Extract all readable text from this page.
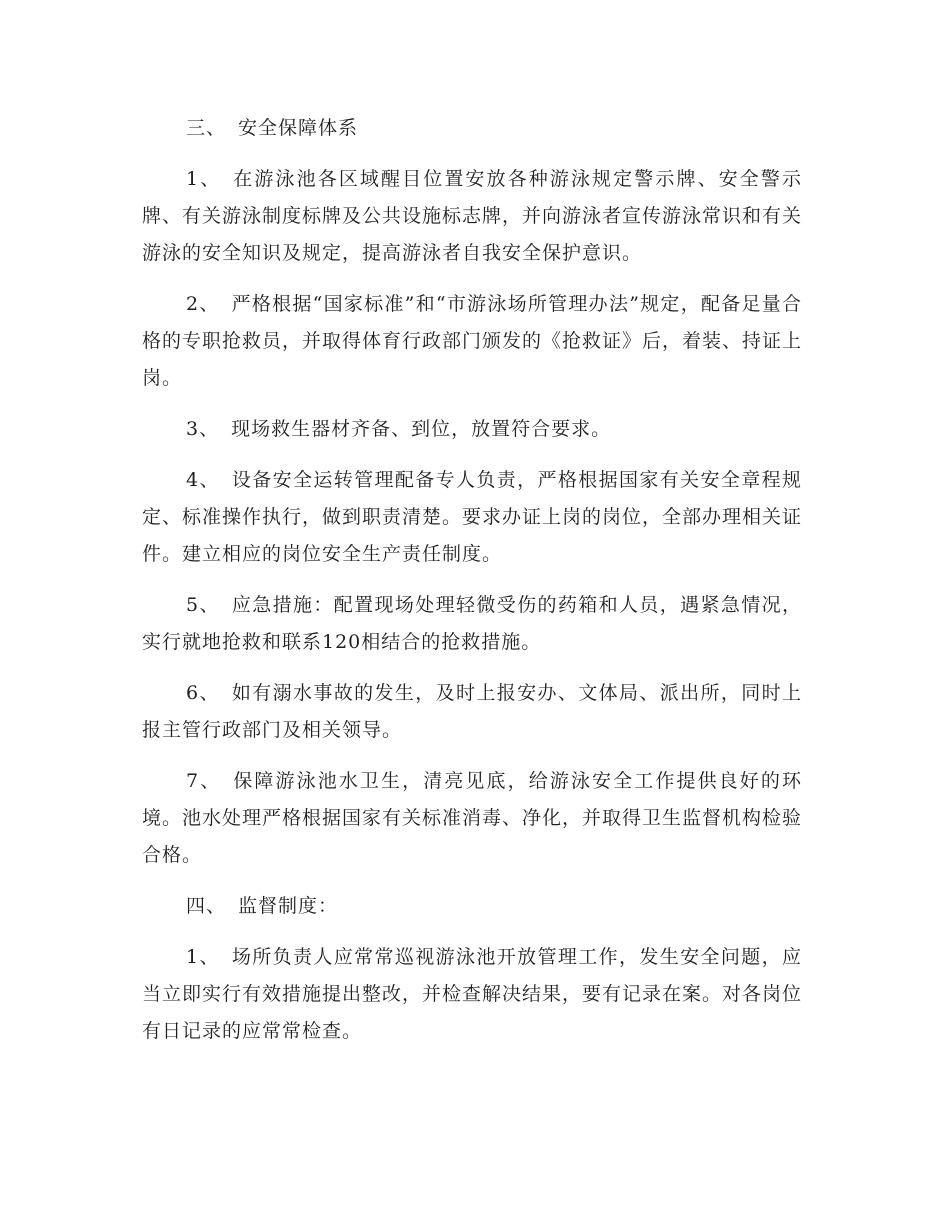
三、 安全保障体系

1、 在游泳池各区域醒目位置安放各种游泳规定警示牌、安全警示牌、有关游泳制度标牌及公共设施标志牌，并向游泳者宣传游泳常识和有关游泳的安全知识及规定，提高游泳者自我安全保护意识。

2、 严格根据“国家标准”和“市游泳场所管理办法”规定，配备足量合格的专职抢救员，并取得体育行政部门颁发的《抢救证》后，着装、持证上岗。

3、 现场救生器材齐备、到位，放置符合要求。

4、 设备安全运转管理配备专人负责，严格根据国家有关安全章程规定、标准操作执行，做到职责清楚。要求办证上岗的岗位，全部办理相关证件。建立相应的岗位安全生产责任制度。

5、 应急措施：配置现场处理轻微受伤的药箱和人员，遇紧急情况，实行就地抢救和联系120相结合的抢救措施。

6、 如有溺水事故的发生，及时上报安办、文体局、派出所，同时上报主管行政部门及相关领导。

7、 保障游泳池水卫生，清亮见底，给游泳安全工作提供良好的环境。池水处理严格根据国家有关标准消毒、净化，并取得卫生监督机构检验合格。

四、 监督制度：

1、 场所负责人应常常巡视游泳池开放管理工作，发生安全问题，应当立即实行有效措施提出整改，并检查解决结果，要有记录在案。对各岗位有日记录的应常常检查。
